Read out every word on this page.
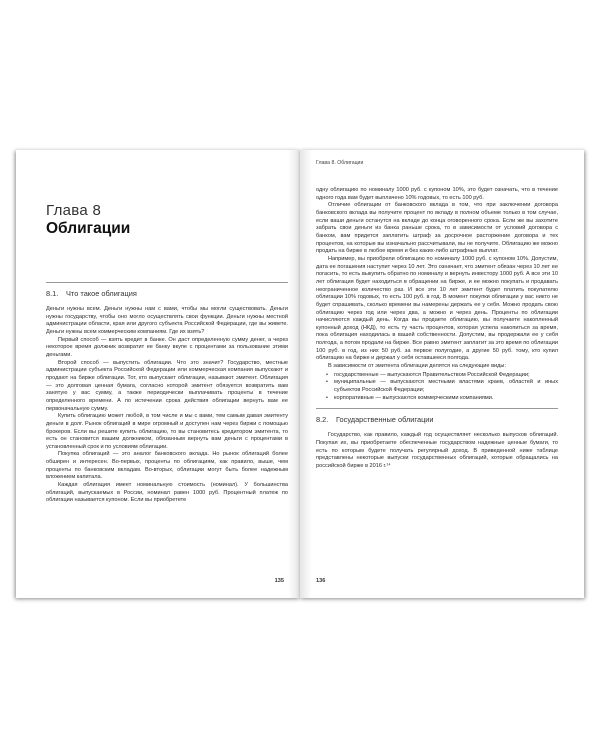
Глава 8
Облигации
8.1.	Что такое облигация

Деньги нужны всем. Деньги нужны нам с вами, чтобы мы могли существовать. Деньги нужны государству, чтобы оно могло осуществлять свои функции. Деньги нужны местной администрации области, края или другого субъекта Российской Федерации, где вы живете. Деньги нужны всем коммерческим компаниям. Где их взять?

Первый способ — взять кредит в банке. Он даст определенную сумму денег, а через некоторое время должник возвратит ее банку вкупе с процентами за пользование этими деньгами.

Второй способ — выпустить облигации. Что это значит? Государство, местные администрации субъекта Российской Федерации или коммерческая компания выпускают и продают на бирже облигации. Тот, кто выпускает облигации, называют эмитент. Облигация — это долговая ценная бумага, согласно которой эмитент обязуется возвратить вам занятую у вас сумму, а также периодически выплачивать проценты в течение определенного времени. А по истечении срока действия облигации вернуть вам ее первоначальную сумму.

Купить облигацию может любой, в том числе и мы с вами, тем самым давая эмитенту деньги в долг. Рынок облигаций в мире огромный и доступен нам через биржи с помощью брокеров. Если вы решите купить облигацию, то вы становитесь кредитором эмитента, то есть он становится вашим должником, обязанным вернуть вам деньги с процентами в установленный срок и по условиям облигации.

Покупка облигаций — это аналог банковского вклада. Но рынок облигаций более обширен и интересен. Во-первых, проценты по облигациям, как правило, выше, чем проценты по банковским вкладам. Во-вторых, облигации могут быть более надежным вложением капитала.

Каждая облигация имеет номинальную стоимость (номинал). У большинства облигаций, выпускаемых в России, номинал равен 1000 руб. Процентный платеж по облигации называется купоном. Если вы приобретете

135
Глава 8. Облигации

одну облигацию по номиналу 1000 руб. с купоном 10%, это будет означать, что в течение одного года вам будет выплачено 10% годовых, то есть 100 руб.

Отличие облигации от банковского вклада в том, что при заключении договора банковского вклада вы получите процент по вкладу в полном объеме только в том случае, если ваши деньги останутся на вкладе до конца оговоренного срока. Если же вы захотите забрать свои деньги из банка раньше срока, то в зависимости от условий договора с банком, вам придется заплатить штраф за досрочное расторжение договора и тех процентов, на которые вы изначально рассчитывали, вы не получите. Облигацию же можно продать на бирже в любое время и без каких-либо штрафных выплат.

Например, вы приобрели облигацию по номиналу 1000 руб. с купоном 10%. Допустим, дата ее погашения наступит через 10 лет. Это означает, что эмитент обязан через 10 лет ее погасить, то есть выкупить обратно по номиналу и вернуть инвестору 1000 руб. А все эти 10 лет облигация будет находиться в обращении на бирже, и ее можно покупать и продавать неограниченное количество раз. И все эти 10 лет эмитент будет платить покупателю облигации 10% годовых, то есть 100 руб. в год. В момент покупки облигации у вас никто не будет спрашивать, сколько времени вы намерены держать ее у себя. Можно продать свою облигацию через год или через два, а можно и через день. Проценты по облигации начисляются каждый день. Когда вы продаете облигацию, вы получаете накопленный купонный доход (НКД), то есть ту часть процентов, которая успела накопиться за время, пока облигация находилась в вашей собственности. Допустим, вы продержали ее у себя полгода, а потом продали на бирже. Все равно эмитент заплатит за это время по облигации 100 руб. в год, из них 50 руб. за первое полугодие, а другие 50 руб. тому, кто купил облигацию на бирже и держал у себя оставшееся полгода.

В зависимости от эмитента облигации делятся на следующие виды:

• государственные — выпускаются Правительством Российской Федерации;
• муниципальные — выпускаются местными властями краев, областей и иных субъектов Российской Федерации;
• корпоративные — выпускаются коммерческими компаниями.
8.2.	Государственные облигации

Государство, как правило, каждый год осуществляет несколько выпусков облигаций. Покупая их, вы приобретаете обеспеченные государством надежные ценные бумаги, то есть по которым будете получать регулярный доход. В приведенной ниже таблице представлены некоторые выпуски государственных облигаций, которые обращались на российской бирже в 2016 г.¹⁴

136
